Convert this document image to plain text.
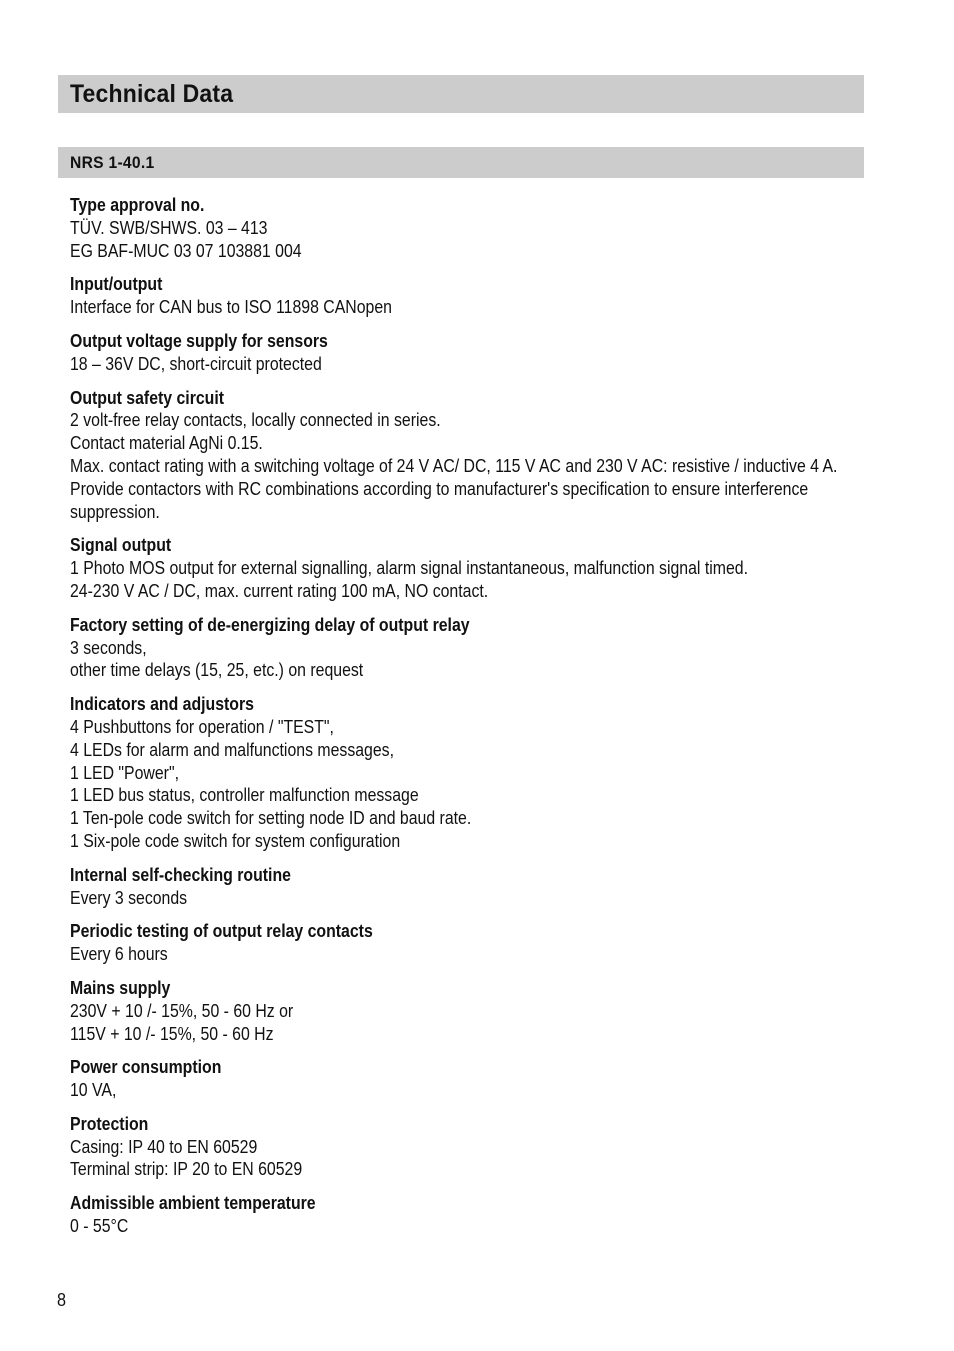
Technical Data
NRS 1-40.1
Type approval no.
TÜV. SWB/SHWS. 03 – 413
EG BAF-MUC 03 07 103881 004
Input/output
Interface for CAN bus to ISO 11898 CANopen
Output voltage supply for sensors
18 – 36V DC, short-circuit protected
Output safety circuit
2 volt-free relay contacts, locally connected in series.
Contact material AgNi 0.15.
Max. contact rating with a switching voltage of 24 V AC/ DC, 115 V AC and 230 V AC: resistive / inductive 4 A.
Provide contactors with RC combinations according to manufacturer's specification to ensure interference
suppression.
Signal output
1 Photo MOS output for external signalling, alarm signal instantaneous, malfunction signal timed.
24-230 V AC / DC, max. current rating 100 mA, NO contact.
Factory setting of de-energizing delay of output relay
3 seconds,
other time delays (15, 25, etc.) on request
Indicators and adjustors
4 Pushbuttons for operation / "TEST",
4 LEDs for alarm and malfunctions messages,
1 LED "Power",
1 LED bus status, controller malfunction message
1 Ten-pole code switch for setting node ID and baud rate.
1 Six-pole code switch for system configuration
Internal self-checking routine
Every 3 seconds
Periodic testing of output relay contacts
Every 6 hours
Mains supply
230V + 10 /- 15%, 50 - 60 Hz or
115V + 10 /- 15%, 50 - 60 Hz
Power consumption
10 VA,
Protection
Casing: IP 40 to EN 60529
Terminal strip: IP 20 to EN 60529
Admissible ambient temperature
0 - 55°C
8
